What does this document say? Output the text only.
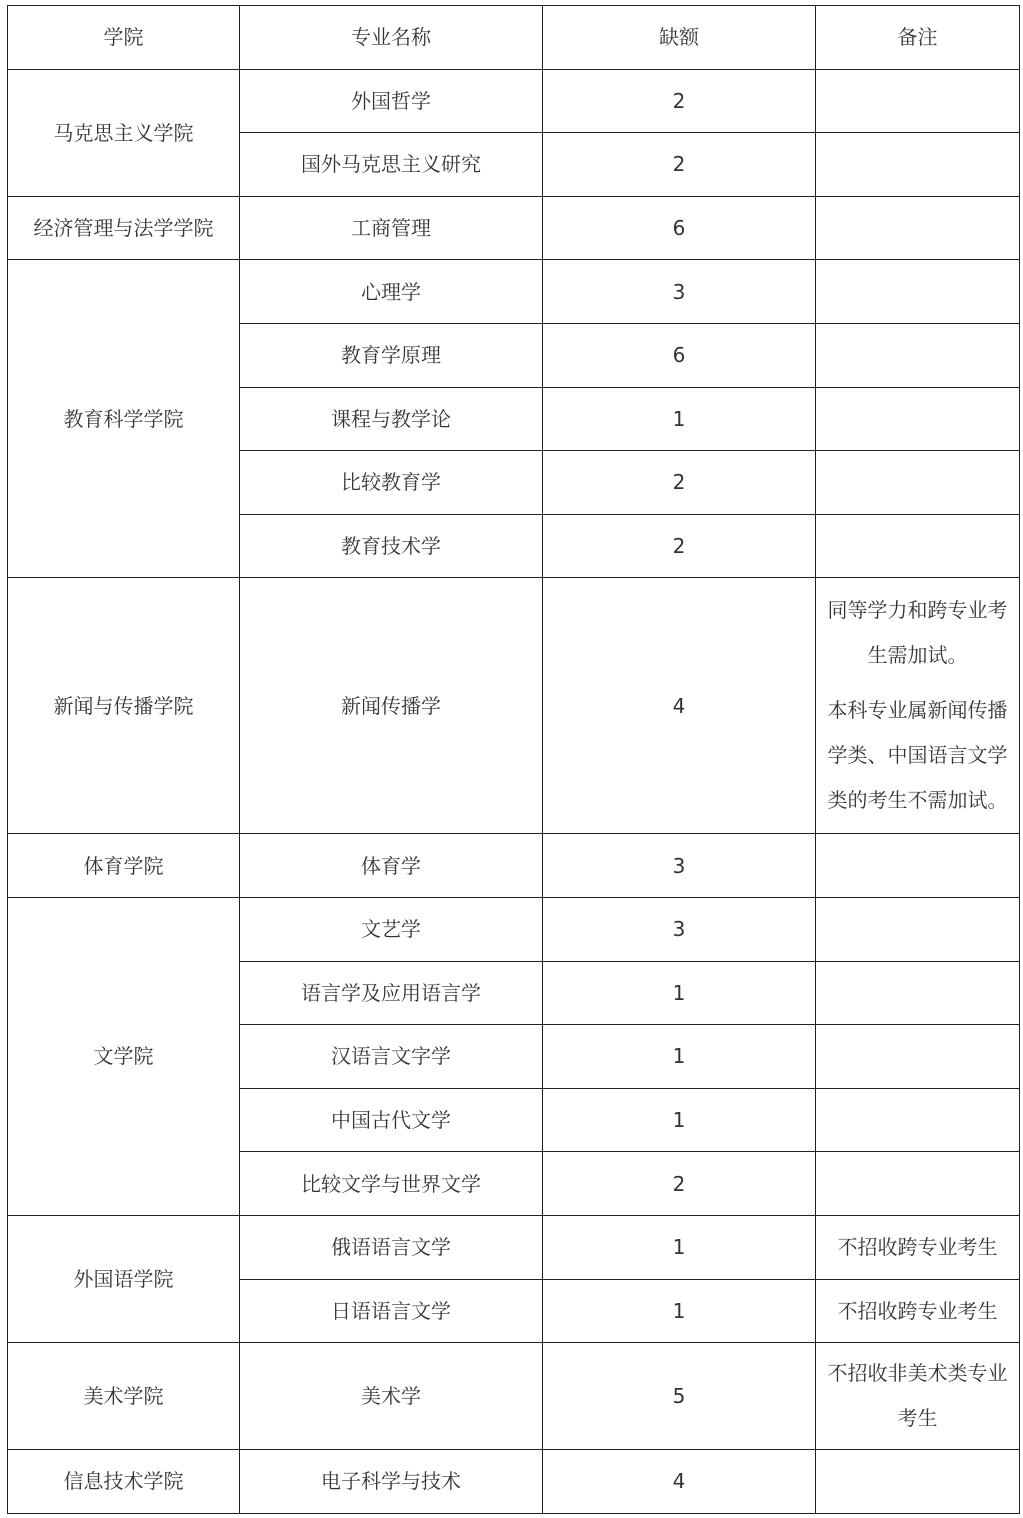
学院	专业名称	缺额	备注
马克思主义学院	外国哲学	2	
	国外马克思主义研究	2	
经济管理与法学学院	工商管理	6	
教育科学学院	心理学	3	
	教育学原理	6	
	课程与教学论	1	
	比较教育学	2	
	教育技术学	2	
新闻与传播学院	新闻传播学	4	同等学力和跨专业考生需加试。

本科专业属新闻传播学类、中国语言文学类的考生不需加试。

体育学院	体育学	3	
文学院	文艺学	3	
	语言学及应用语言学	1	
	汉语言文字学	1	
	中国古代文学	1	
	比较文学与世界文学	2	
外国语学院	俄语语言文学	1	不招收跨专业考生
	日语语言文学	1	不招收跨专业考生
美术学院	美术学	5	不招收非美术类专业考生

信息技术学院	电子科学与技术	4	
